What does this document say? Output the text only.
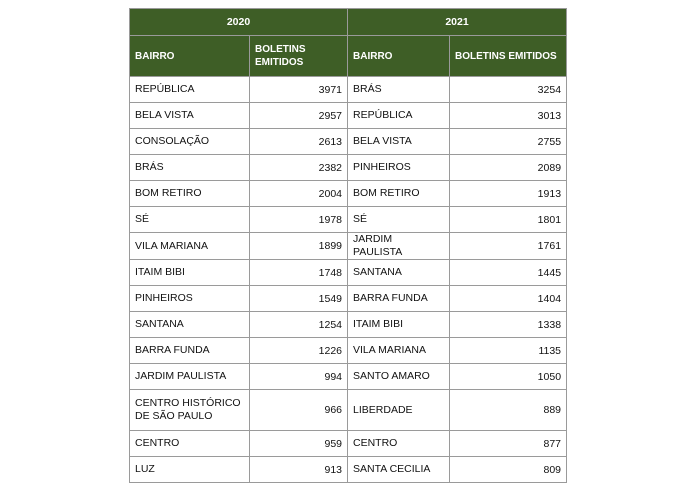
2020		2021	
BAIRRO	BOLETINS EMITIDOS	BAIRRO	BOLETINS EMITIDOS
REPÚBLICA	3971	BRÁS	3254
BELA VISTA	2957	REPÚBLICA	3013
CONSOLAÇÃO	2613	BELA VISTA	2755
BRÁS	2382	PINHEIROS	2089
BOM RETIRO	2004	BOM RETIRO	1913
SÉ	1978	SÉ	1801
VILA MARIANA	1899	JARDIM PAULISTA	1761
ITAIM BIBI	1748	SANTANA	1445
PINHEIROS	1549	BARRA FUNDA	1404
SANTANA	1254	ITAIM BIBI	1338
BARRA FUNDA	1226	VILA MARIANA	1135
JARDIM PAULISTA	994	SANTO AMARO	1050
CENTRO HISTÓRICO DE SÃO PAULO	966	LIBERDADE	889
CENTRO	959	CENTRO	877
LUZ	913	SANTA CECILIA	809
